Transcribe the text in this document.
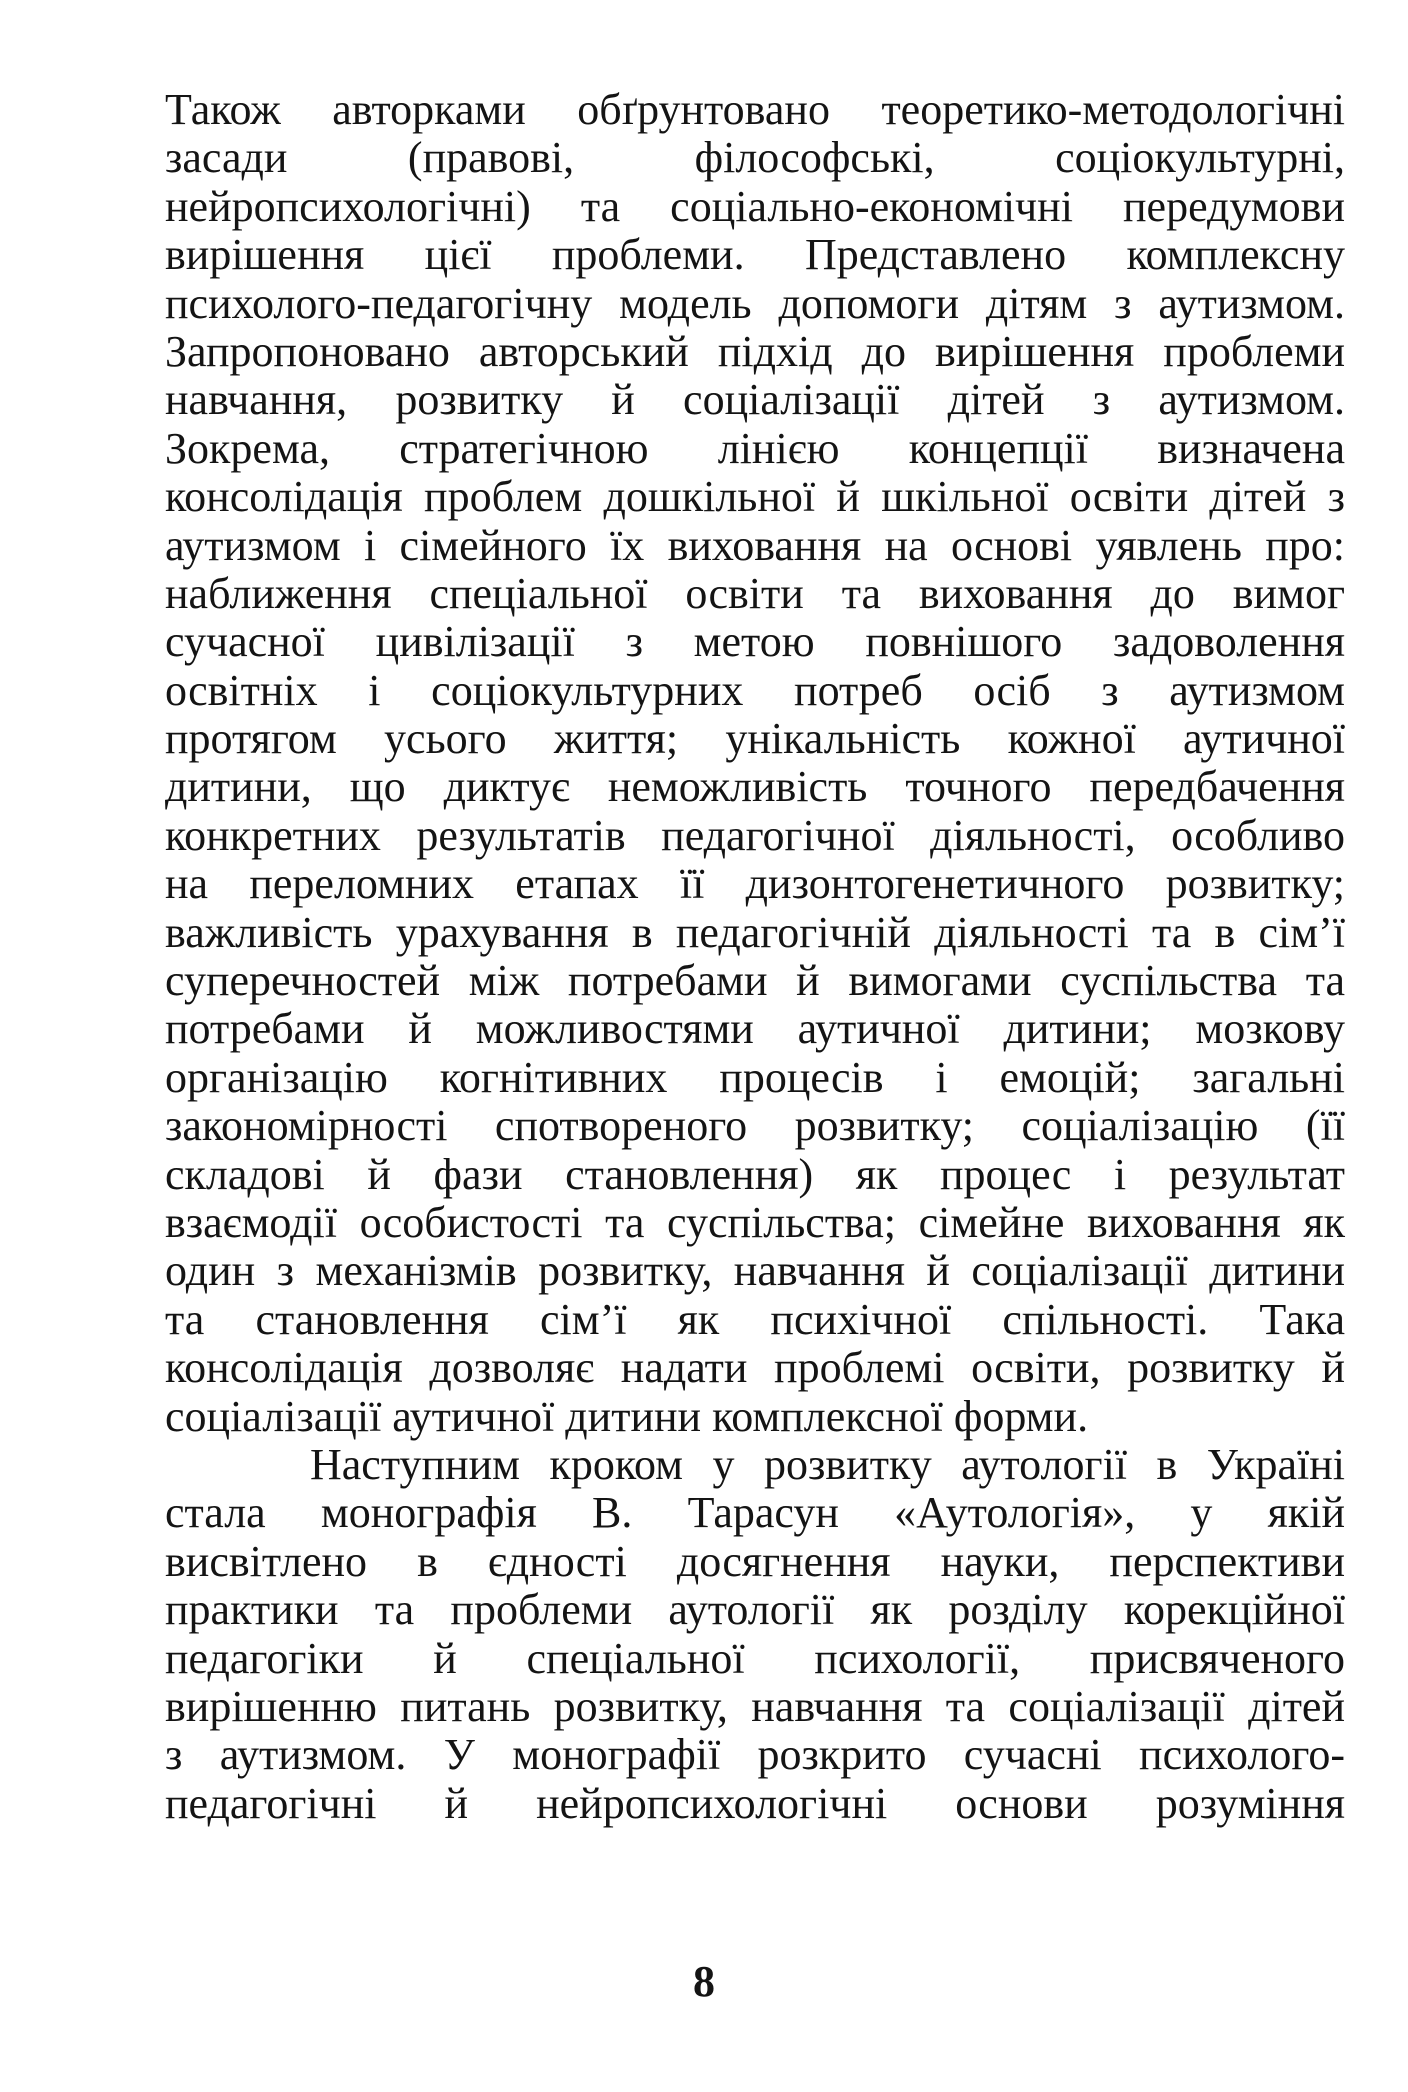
Також авторками обґрунтовано теоретико-методологічні
засади (правові, філософські, соціокультурні,
нейропсихологічні) та соціально-економічні передумови
вирішення цієї проблеми. Представлено комплексну
психолого-педагогічну модель допомоги дітям з аутизмом.
Запропоновано авторський підхід до вирішення проблеми
навчання, розвитку й соціалізації дітей з аутизмом.
Зокрема, стратегічною лінією концепції визначена
консолідація проблем дошкільної й шкільної освіти дітей з
аутизмом і сімейного їх виховання на основі уявлень про:
наближення спеціальної освіти та виховання до вимог
сучасної цивілізації з метою повнішого задоволення
освітніх і соціокультурних потреб осіб з аутизмом
протягом усього життя; унікальність кожної аутичної
дитини, що диктує неможливість точного передбачення
конкретних результатів педагогічної діяльності, особливо
на переломних етапах її дизонтогенетичного розвитку;
важливість урахування в педагогічній діяльності та в сім’ї
суперечностей між потребами й вимогами суспільства та
потребами й можливостями аутичної дитини; мозкову
організацію когнітивних процесів і емоцій; загальні
закономірності спотвореного розвитку; соціалізацію (її
складові й фази становлення) як процес і результат
взаємодії особистості та суспільства; сімейне виховання як
один з механізмів розвитку, навчання й соціалізації дитини
та становлення сім’ї як психічної спільності. Така
консолідація дозволяє надати проблемі освіти, розвитку й
соціалізації аутичної дитини комплексної форми.
Наступним кроком у розвитку аутології в Україні
стала монографія В. Тарасун «Аутологія», у якій
висвітлено в єдності досягнення науки, перспективи
практики та проблеми аутології як розділу корекційної
педагогіки й спеціальної психології, присвяченого
вирішенню питань розвитку, навчання та соціалізації дітей
з аутизмом. У монографії розкрито сучасні психолого-
педагогічні й нейропсихологічні основи розуміння
8
